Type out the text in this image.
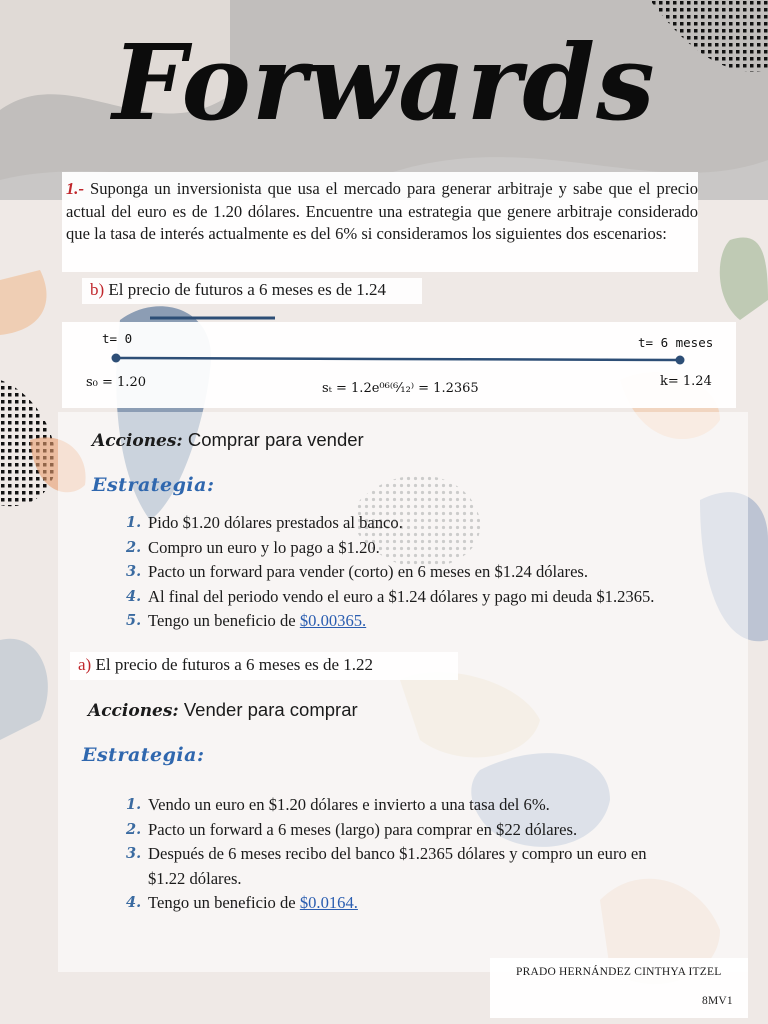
Forwards
1.- Suponga un inversionista que usa el mercado para generar arbitraje y sabe que el precio actual del euro es de 1.20 dólares. Encuentre una estrategia que genere arbitraje considerado que la tasa de interés actualmente es del 6% si consideramos los siguientes dos escenarios:
b) El precio de futuros a 6 meses es de 1.24
t= 0	t= 6 meses
s₀ = 1.20	sₜ = 1.2e⁰⁶⁽⁶⁄₁₂⁾ = 1.2365	k= 1.24
Acciones: Comprar para vender
Estrategia:
1. Pido $1.20 dólares prestados al banco.
2. Compro un euro y lo pago a $1.20.
3. Pacto un forward para vender (corto) en 6 meses en $1.24 dólares.
4. Al final del periodo vendo el euro a $1.24 dólares y pago mi deuda $1.2365.
5. Tengo un beneficio de $0.00365.
a) El precio de futuros a 6 meses es de 1.22
Acciones: Vender para comprar
Estrategia:
1. Vendo un euro en $1.20 dólares e invierto a una tasa del 6%.
2. Pacto un forward a 6 meses (largo) para comprar en $22 dólares.
3. Después de 6 meses recibo del banco $1.2365 dólares y compro un euro en
$1.22 dólares.
4. Tengo un beneficio de $0.0164.
PRADO HERNÁNDEZ CINTHYA ITZEL
8MV1
